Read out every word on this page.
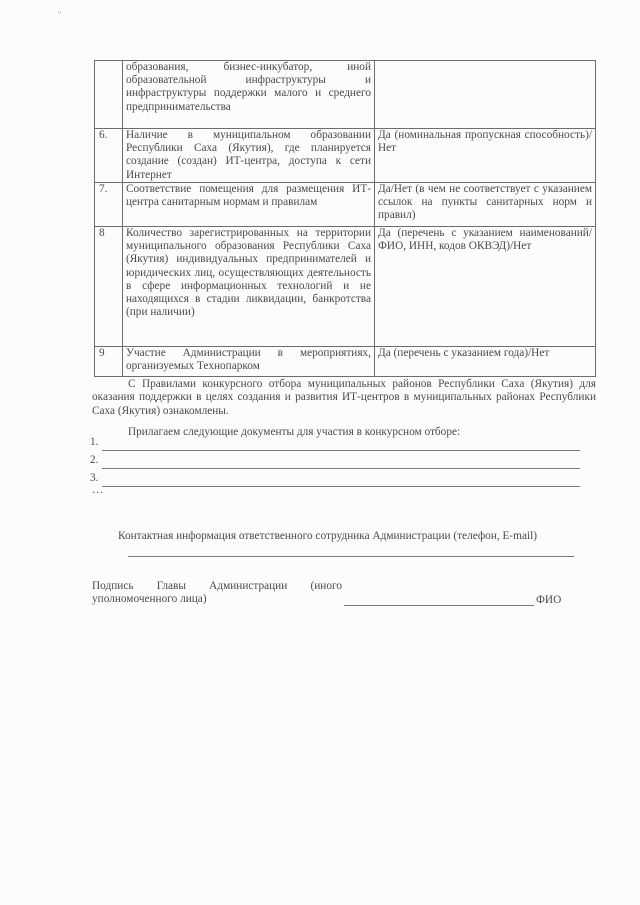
''
	образования, бизнес-инкубатор, иной образовательной инфраструктуры и инфраструктуры поддержки малого и среднего предпринимательства	
6.	Наличие в муниципальном образовании Республики Саха (Якутия), где планируется создание (создан) ИТ-центра, доступа к сети Интернет	Да (номинальная пропускная способность)/Нет
7.	Соответствие помещения для размещения ИТ-центра санитарным нормам и правилам	Да/Нет (в чем не соответствует с указанием ссылок на пункты санитарных норм и правил)
8	Количество зарегистрированных на территории муниципального образования Республики Саха (Якутия) индивидуальных предпринимателей и юридических лиц, осуществляющих деятельность в сфере информационных технологий и не находящихся в стадии ликвидации, банкротства (при наличии)	Да (перечень с указанием наименований/ФИО, ИНН, кодов ОКВЭД)/Нет
9	Участие Администрации в мероприятиях, организуемых Технопарком	Да (перечень с указанием года)/Нет
С Правилами конкурсного отбора муниципальных районов Республики Саха (Якутия) для оказания поддержки в целях создания и развития ИТ-центров в муниципальных районах Республики Саха (Якутия) ознакомлены.
Прилагаем следующие документы для участия в конкурсном отборе:
1.
2.
3.
…
Контактная информация ответственного сотрудника Администрации (телефон, E-mail)
Подпись Главы Администрации (иного уполномоченного лица)	ФИО
